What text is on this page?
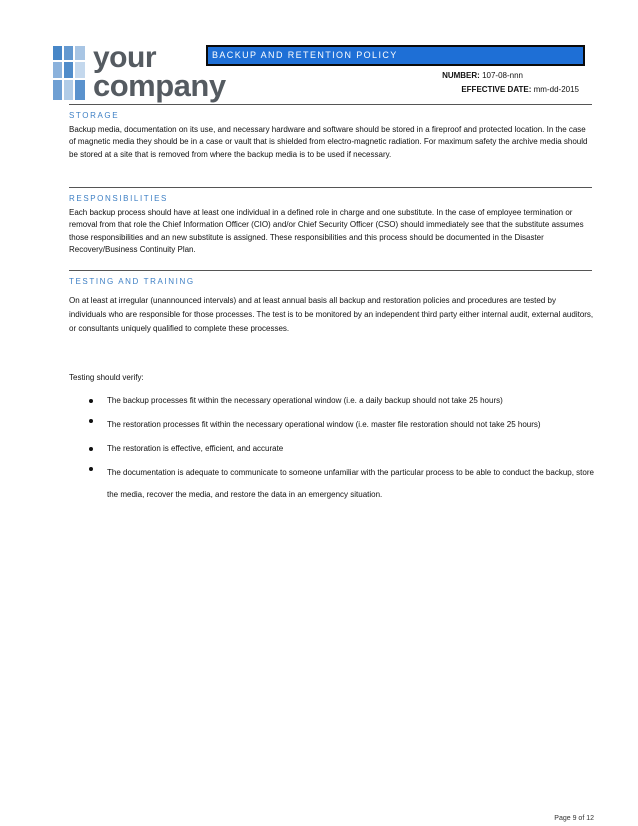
your
company
BACKUP AND RETENTION POLICY
NUMBER: 107-08-nnn
EFFECTIVE DATE: mm-dd-2015
STORAGE

Backup media, documentation on its use, and necessary hardware and software should be stored in a fireproof and protected location. In the case of magnetic media they should be in a case or vault that is shielded from electro-magnetic radiation. For maximum safety the archive media should be stored at a site that is removed from where the backup media is to be used if necessary.

RESPONSIBILITIES

Each backup process should have at least one individual in a defined role in charge and one substitute. In the case of employee termination or removal from that role the Chief Information Officer (CIO) and/or Chief Security Officer (CSO) should immediately see that the substitute assumes those responsibilities and an new substitute is assigned. These responsibilities and this process should be documented in the Disaster Recovery/Business Continuity Plan.

TESTING AND TRAINING

On at least at irregular (unannounced intervals) and at least annual basis all backup and restoration policies and procedures are tested by individuals who are responsible for those processes. The test is to be monitored by an independent third party either internal audit, external auditors, or consultants uniquely qualified to complete these processes.

Testing should verify:

The backup processes fit within the necessary operational window (i.e. a daily backup should not take 25 hours)
The restoration processes fit within the necessary operational window (i.e. master file restoration should not take 25 hours)
The restoration is effective, efficient, and accurate
The documentation is adequate to communicate to someone unfamiliar with the particular process to be able to conduct the backup, store the media, recover the media, and restore the data in an emergency situation.
Page 9 of 12
